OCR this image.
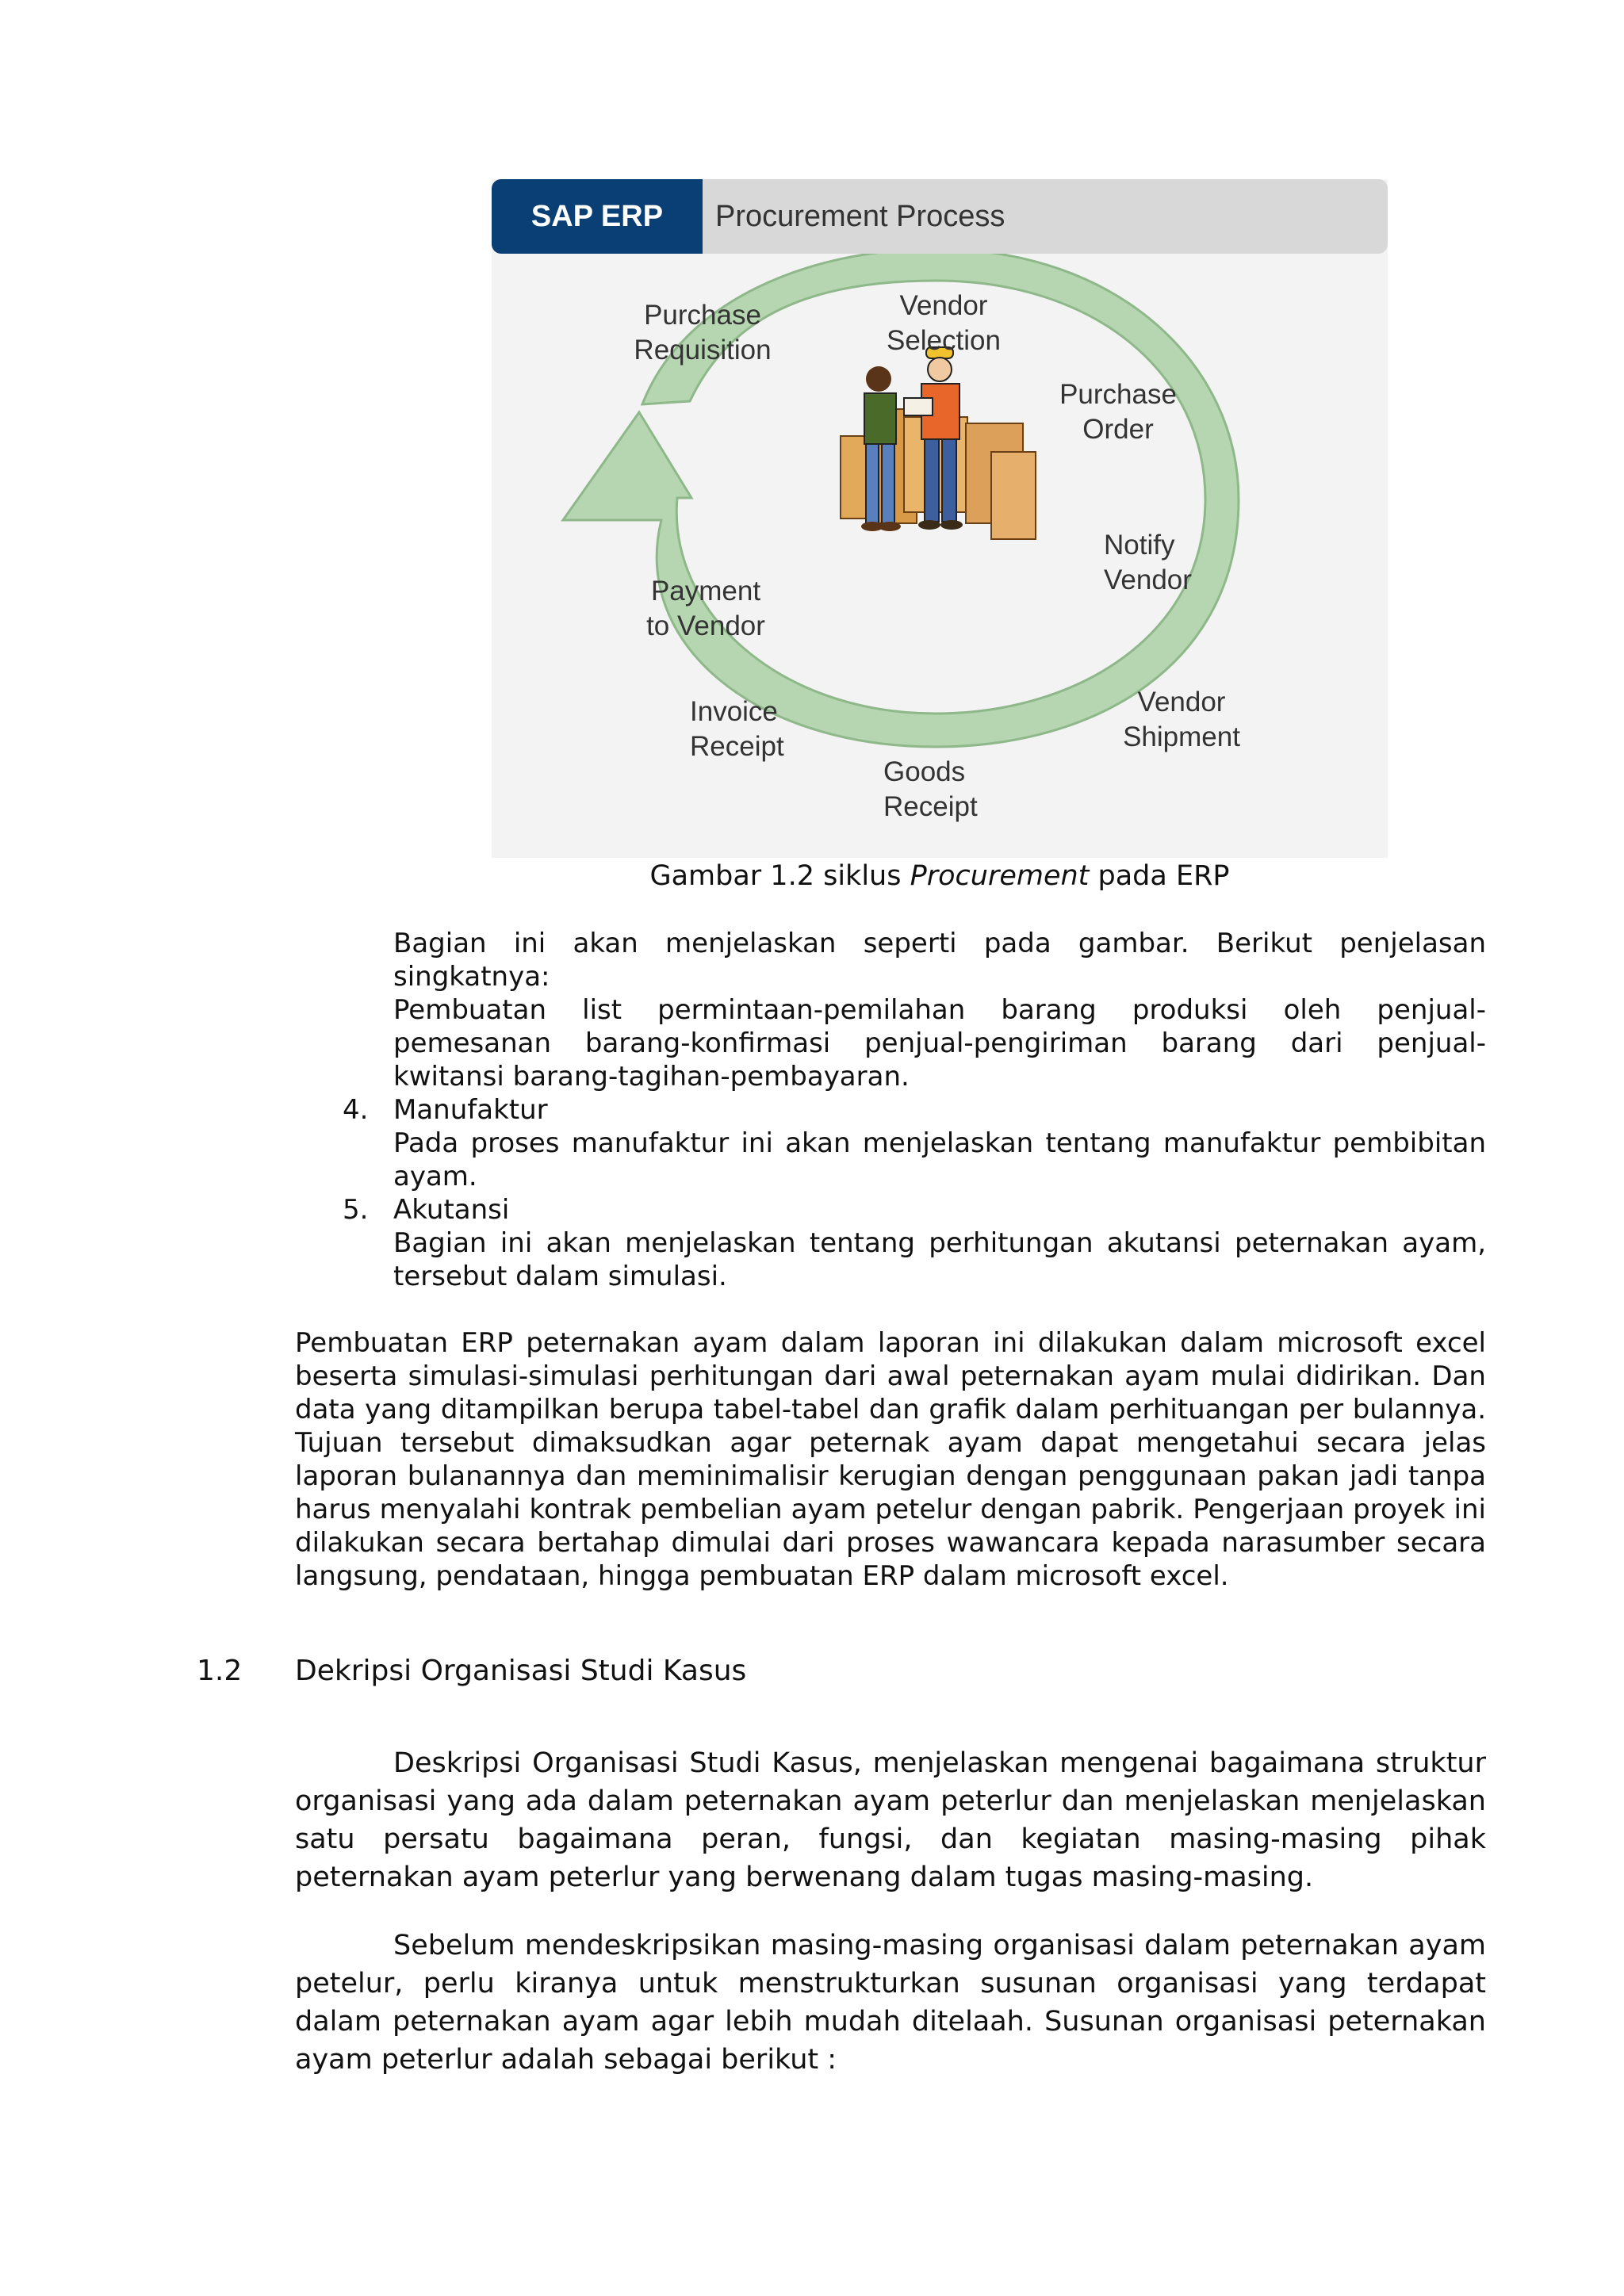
SAP ERP	Procurement Process
Purchase
Requisition
Vendor
Selection
Purchase
Order
Notify
Vendor
Vendor
Shipment
Goods
Receipt
Invoice
Receipt
Payment
to Vendor
Gambar 1.2 siklus Procurement pada ERP
Bagian ini akan menjelaskan seperti pada gambar. Berikut penjelasan
singkatnya:
Pembuatan list permintaan-pemilahan barang produksi oleh penjual-
pemesanan barang-konfirmasi penjual-pengiriman barang dari penjual-
kwitansi barang-tagihan-pembayaran.
4. Manufaktur
Pada proses manufaktur ini akan menjelaskan tentang manufaktur pembibitan
ayam.
5. Akutansi
Bagian ini akan menjelaskan tentang perhitungan akutansi peternakan ayam,
tersebut dalam simulasi.
Pembuatan ERP peternakan ayam dalam laporan ini dilakukan dalam microsoft excel beserta simulasi-simulasi perhitungan dari awal peternakan ayam mulai didirikan. Dan data yang ditampilkan berupa tabel-tabel dan grafik dalam perhituangan per bulannya. Tujuan tersebut dimaksudkan agar peternak ayam dapat mengetahui secara jelas laporan bulanannya dan meminimalisir kerugian dengan penggunaan pakan jadi tanpa harus menyalahi kontrak pembelian ayam petelur dengan pabrik. Pengerjaan proyek ini dilakukan secara bertahap dimulai dari proses wawancara kepada narasumber secara langsung, pendataan, hingga pembuatan ERP dalam microsoft excel.
1.2 Dekripsi Organisasi Studi Kasus
Deskripsi Organisasi Studi Kasus, menjelaskan mengenai bagaimana struktur organisasi yang ada dalam peternakan ayam peterlur dan menjelaskan menjelaskan satu persatu bagaimana peran, fungsi, dan kegiatan masing-masing pihak peternakan ayam peterlur yang berwenang dalam tugas masing-masing.
Sebelum mendeskripsikan masing-masing organisasi dalam peternakan ayam petelur, perlu kiranya untuk menstrukturkan susunan organisasi yang terdapat dalam peternakan ayam agar lebih mudah ditelaah. Susunan organisasi peternakan ayam peterlur adalah sebagai berikut :
